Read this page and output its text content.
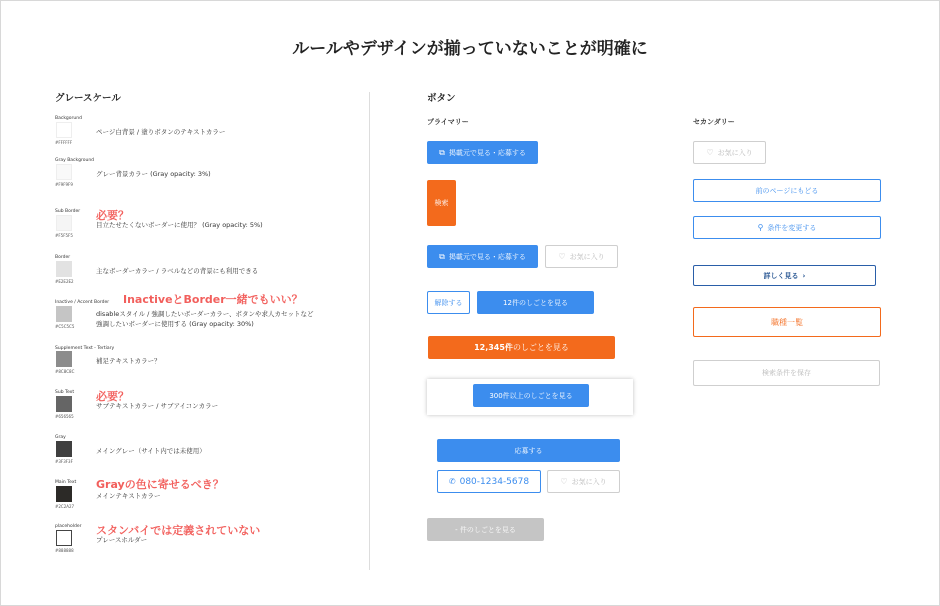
ルールやデザインが揃っていないことが明確に
グレースケール
Backgorund
#FFFFFF
ページ白背景 / 塗りボタンのテキストカラー
Gray Background
#F9F9F9
グレー背景カラー (Gray opacity: 3%)
Sub Border
#F5F5F5
目立たせたくないボーダーに使用？ (Gray opacity: 5%)
Border
#E2E2E2
主なボーダーカラー / ラベルなどの背景にも利用できる
Inactive / Accent Border
#C5C5C5
disableスタイル / 強調したいボーダーカラー、ボタンや求人カセットなど
強調したいボーダーに使用する (Gray opacity: 30%)
Supplement Text・Tertiary
#8C8C8C
補足テキストカラー？
Sub Text
#656565
サブテキストカラー / サブアイコンカラー
Gray
#3F3F3F
メイングレー（サイト内では未使用）
Main Text
#2C2A27
メインテキストカラー
placeholder
#888888
プレースホルダー
必要？
InactiveとBorder一緒でもいい？
必要？
Grayの色に寄せるべき？
スタンバイでは定義されていない
ボタン
プライマリー	セカンダリー
⧉ 掲載元で見る・応募する
検索
⧉ 掲載元で見る・応募する	♡ お気に入り
解除する	12件のしごとを見る
12,345件 のしごとを見る
300件以上のしごとを見る
応募する
✆ 080-1234-5678	♡ お気に入り
- 件のしごとを見る
♡ お気に入り
前のページにもどる
⚲ 条件を変更する
詳しく見る ›
職種一覧
検索条件を保存
